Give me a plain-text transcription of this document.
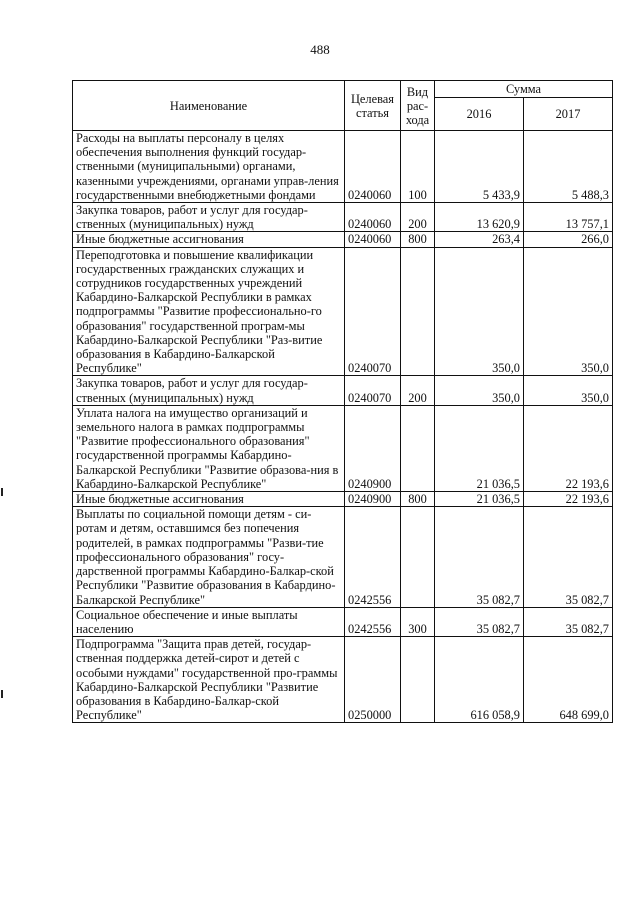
488
Наименование	Целевая статья	Вид рас-хода	Сумма	
			2016	2017
Расходы на выплаты персоналу в целях обеспечения выполнения функций государ-ственными (муниципальными) органами, казенными учреждениями, органами управ-ления государственными внебюджетными фондами	0240060	100	5 433,9	5 488,3
Закупка товаров, работ и услуг для государ-ственных (муниципальных) нужд	0240060	200	13 620,9	13 757,1
Иные бюджетные ассигнования	0240060	800	263,4	266,0
Переподготовка и повышение квалификации государственных гражданских служащих и сотрудников государственных учреждений Кабардино-Балкарской Республики в рамках подпрограммы "Развитие профессионально-го образования" государственной програм-мы Кабардино-Балкарской Республики "Раз-витие образования в Кабардино-Балкарской Республике"	0240070		350,0	350,0
Закупка товаров, работ и услуг для государ-ственных (муниципальных) нужд	0240070	200	350,0	350,0
Уплата налога на имущество организаций и земельного налога в рамках подпрограммы "Развитие профессионального образования" государственной программы Кабардино-Балкарской Республики "Развитие образова-ния в Кабардино-Балкарской Республике"	0240900		21 036,5	22 193,6
Иные бюджетные ассигнования	0240900	800	21 036,5	22 193,6
Выплаты по социальной помощи детям - си-ротам и детям, оставшимся без попечения родителей, в рамках подпрограммы "Разви-тие профессионального образования" госу-дарственной программы Кабардино-Балкар-ской Республики "Развитие образования в Кабардино-Балкарской Республике"	0242556		35 082,7	35 082,7
Социальное обеспечение и иные выплаты населению	0242556	300	35 082,7	35 082,7
Подпрограмма "Защита прав детей, государ-ственная поддержка детей-сирот и детей с особыми нуждами" государственной про-граммы Кабардино-Балкарской Республики "Развитие образования в Кабардино-Балкар-ской Республике"	0250000		616 058,9	648 699,0
